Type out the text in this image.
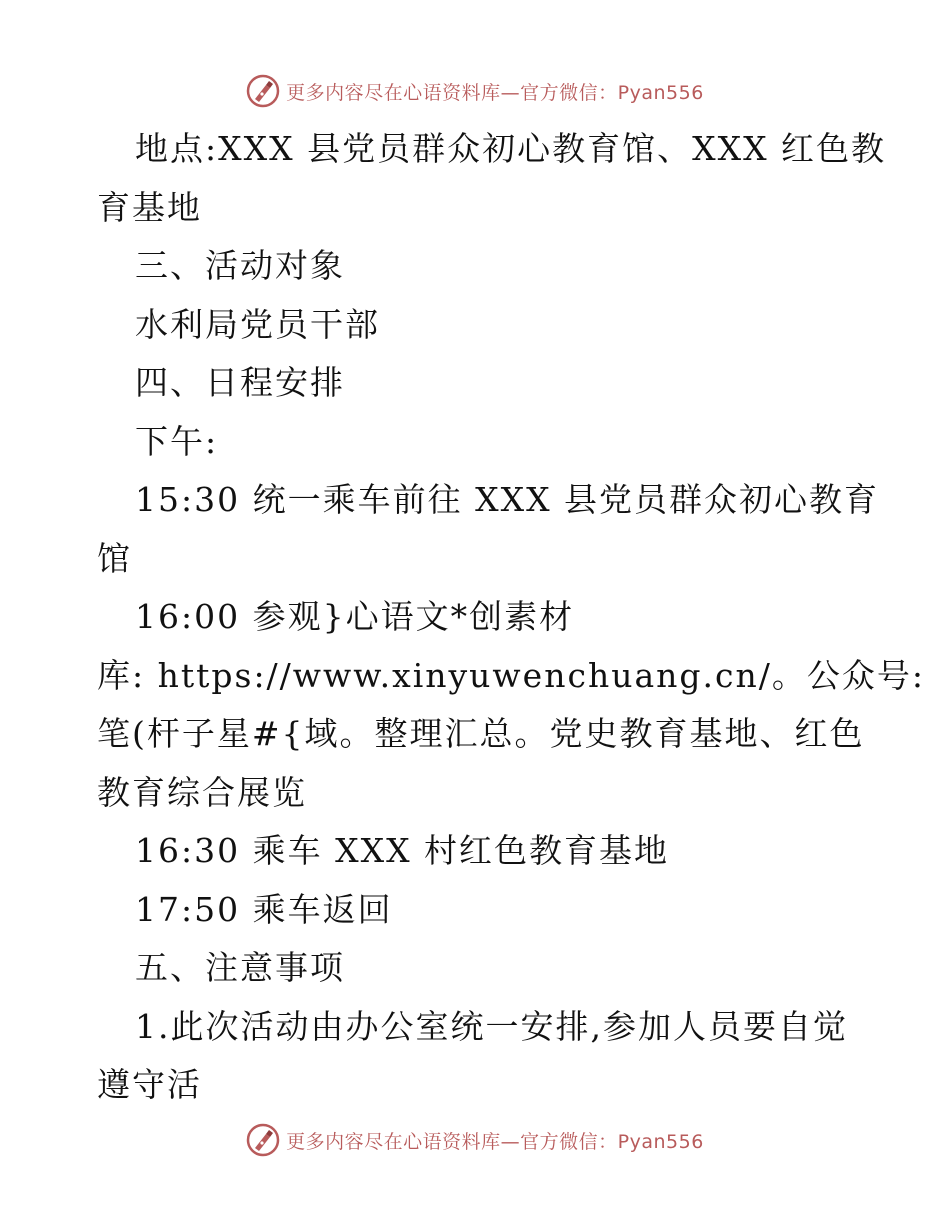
更多内容尽在心语资料库—官方微信：Pyan556
地点:XXX 县党员群众初心教育馆、XXX 红色教
育基地
三、活动对象
水利局党员干部
四、日程安排
下午:
15:30 统一乘车前往 XXX 县党员群众初心教育
馆
16:00 参观}心语文*创素材
库: https://www.xinyuwenchuang.cn/。公众号:
笔(杆子星#{域。整理汇总。党史教育基地、红色
教育综合展览
16:30 乘车 XXX 村红色教育基地
17:50 乘车返回
五、注意事项
1.此次活动由办公室统一安排,参加人员要自觉
遵守活
更多内容尽在心语资料库—官方微信：Pyan556
